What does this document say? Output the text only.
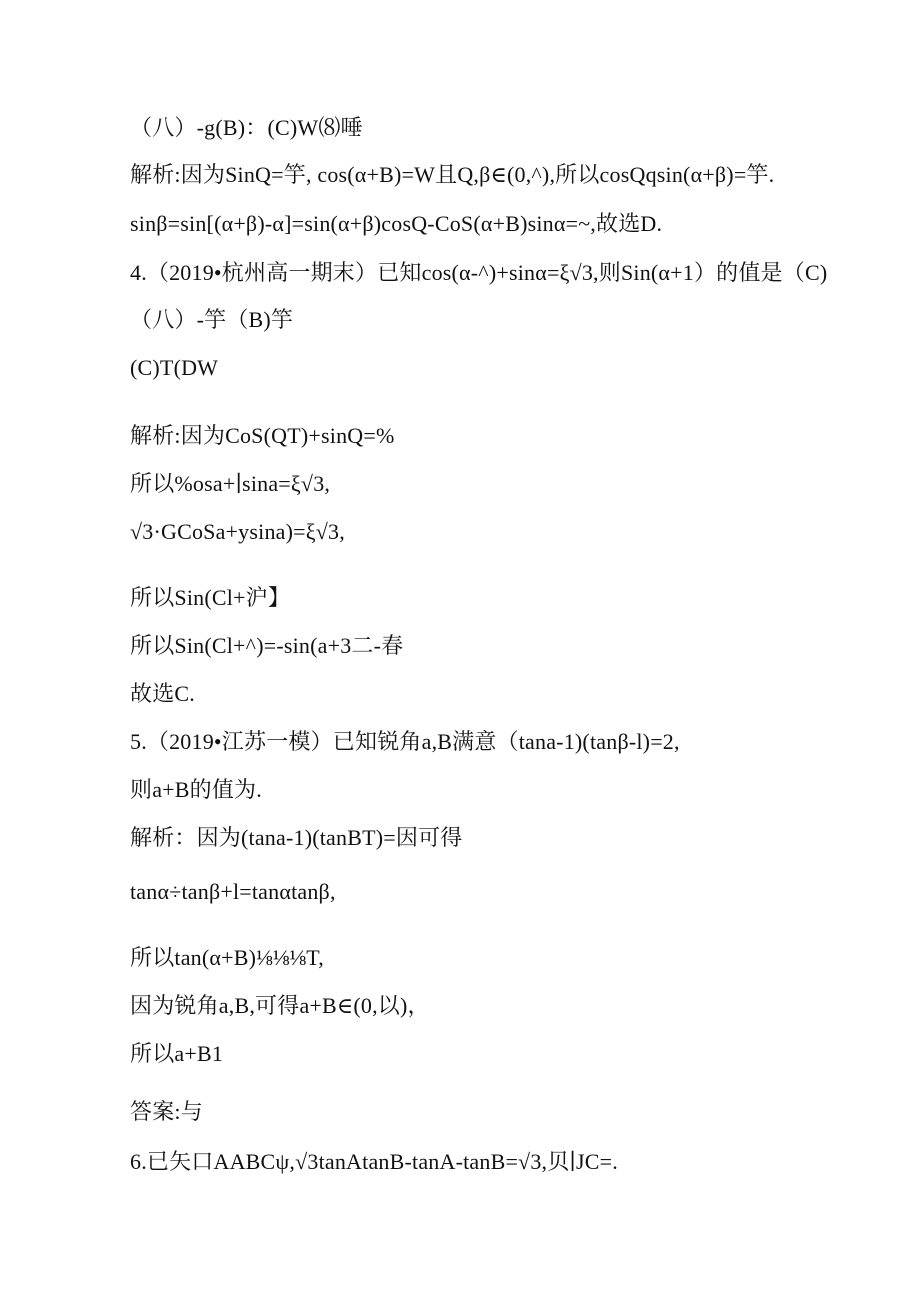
（八）-g(B)：(C)W⑻唾
解析:因为SinQ=竽, cos(α+B)=W且Q,β∈(0,^),所以cosQqsin(α+β)=竽.
sinβ=sin[(α+β)-α]=sin(α+β)cosQ-CoS(α+B)sinα=~,故选D.
4.（2019•杭州高一期末）已知cos(α-^)+sinα=ξ√3,则Sin(α+1）的值是（C)
（八）-竽（B)竽
(C)T(DW
解析:因为CoS(QT)+sinQ=%
所以%osa+∣sina=ξ√3,
√3·GCoSa+ysina)=ξ√3,
所以Sin(Cl+沪】
所以Sin(Cl+^)=-sin(a+3二-春
故选C.
5.（2019•江苏一模）已知锐角a,B满意（tana-1)(tanβ-l)=2,
则a+B的值为.
解析：因为(tana-1)(tanBT)=因可得
tanα÷tanβ+l=tanαtanβ,
所以tan(α+B)⅛⅛⅛T,
因为锐角a,B,可得a+B∈(0,以)，
所以a+B1
答案:与
6.已矢口AABCψ,√3tanAtanB-tanA-tanB=√3,贝∣JC=.
